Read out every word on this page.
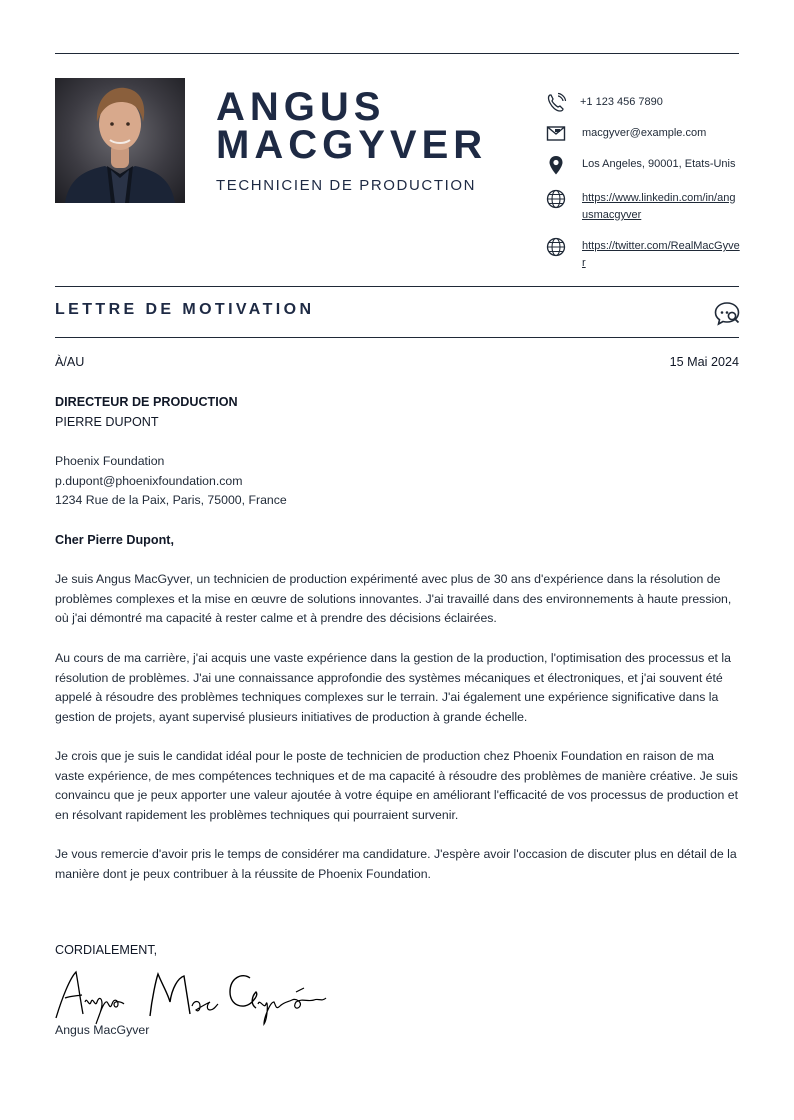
ANGUS
MACGYVER
TECHNICIEN DE PRODUCTION
+1 123 456 7890
macgyver@example.com
Los Angeles, 90001, Etats-Unis
https://www.linkedin.com/in/angusmacgyver
https://twitter.com/RealMacGyver
LETTRE DE MOTIVATION
À/AU	15 Mai 2024
DIRECTEUR DE PRODUCTION
PIERRE DUPONT
Phoenix Foundation
p.dupont@phoenixfoundation.com
1234 Rue de la Paix, Paris, 75000, France
Cher Pierre Dupont,

Je suis Angus MacGyver, un technicien de production expérimenté avec plus de 30 ans d'expérience dans la résolution de problèmes complexes et la mise en œuvre de solutions innovantes. J'ai travaillé dans des environnements à haute pression, où j'ai démontré ma capacité à rester calme et à prendre des décisions éclairées.

Au cours de ma carrière, j'ai acquis une vaste expérience dans la gestion de la production, l'optimisation des processus et la résolution de problèmes. J'ai une connaissance approfondie des systèmes mécaniques et électroniques, et j'ai souvent été appelé à résoudre des problèmes techniques complexes sur le terrain. J'ai également une expérience significative dans la gestion de projets, ayant supervisé plusieurs initiatives de production à grande échelle.

Je crois que je suis le candidat idéal pour le poste de technicien de production chez Phoenix Foundation en raison de ma vaste expérience, de mes compétences techniques et de ma capacité à résoudre des problèmes de manière créative. Je suis convaincu que je peux apporter une valeur ajoutée à votre équipe en améliorant l'efficacité de vos processus de production et en résolvant rapidement les problèmes techniques qui pourraient survenir.

Je vous remercie d'avoir pris le temps de considérer ma candidature. J'espère avoir l'occasion de discuter plus en détail de la manière dont je peux contribuer à la réussite de Phoenix Foundation.

CORDIALEMENT,
Angus MacGyver
